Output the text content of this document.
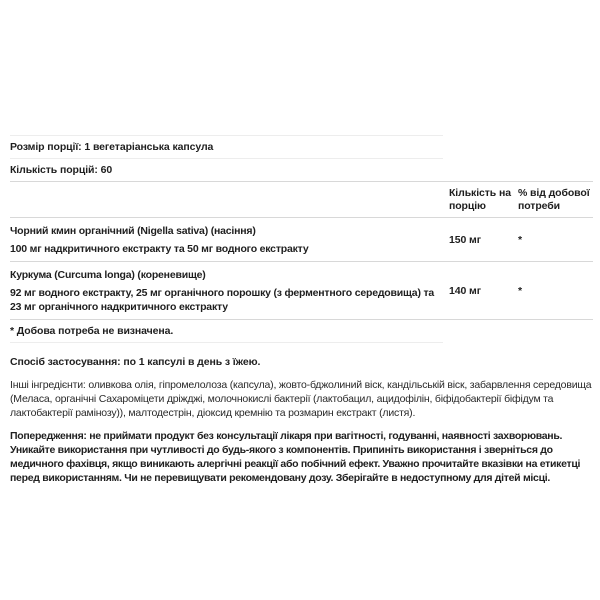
Розмір порції: 1 вегетаріанська капсула
Кількість порцій: 60
Кількість на порцію
% від добової потреби
Чорний кмин органічний (Nigella sativa) (насіння)
100 мг надкритичного екстракту та 50 мг водного екстракту
150 мг	*
Куркума (Curcuma longa) (кореневище)
92 мг водного екстракту, 25 мг органічного порошку (з ферментного середовища) та 23 мг органічного надкритичного екстракту
140 мг	*
* Добова потреба не визначена.

Спосіб застосування: по 1 капсулі в день з їжею.

Інші інгредієнти: оливкова олія, гіпромелолоза (капсула), жовто-бджолиний віск, кандільській віск, забарвлення середовища (Меласа, органічні Сахароміцети дріжджі, молочнокислі бактерії (лактобацил, ацидофілін, біфідобактерії біфідум та лактобактерії рамінозу)), малтодестрін, діоксид кремнію та розмарин екстракт (листя).

Попередження: не приймати продукт без консультації лікаря при вагітності, годуванні, наявності захворювань. Уникайте використання при чутливості до будь-якого з компонентів. Припиніть використання і зверніться до медичного фахівця, якщо виникають алергічні реакції або побічний ефект. Уважно прочитайте вказівки на етикетці перед використанням. Чи не перевищувати рекомендовану дозу. Зберігайте в недоступному для дітей місці.
